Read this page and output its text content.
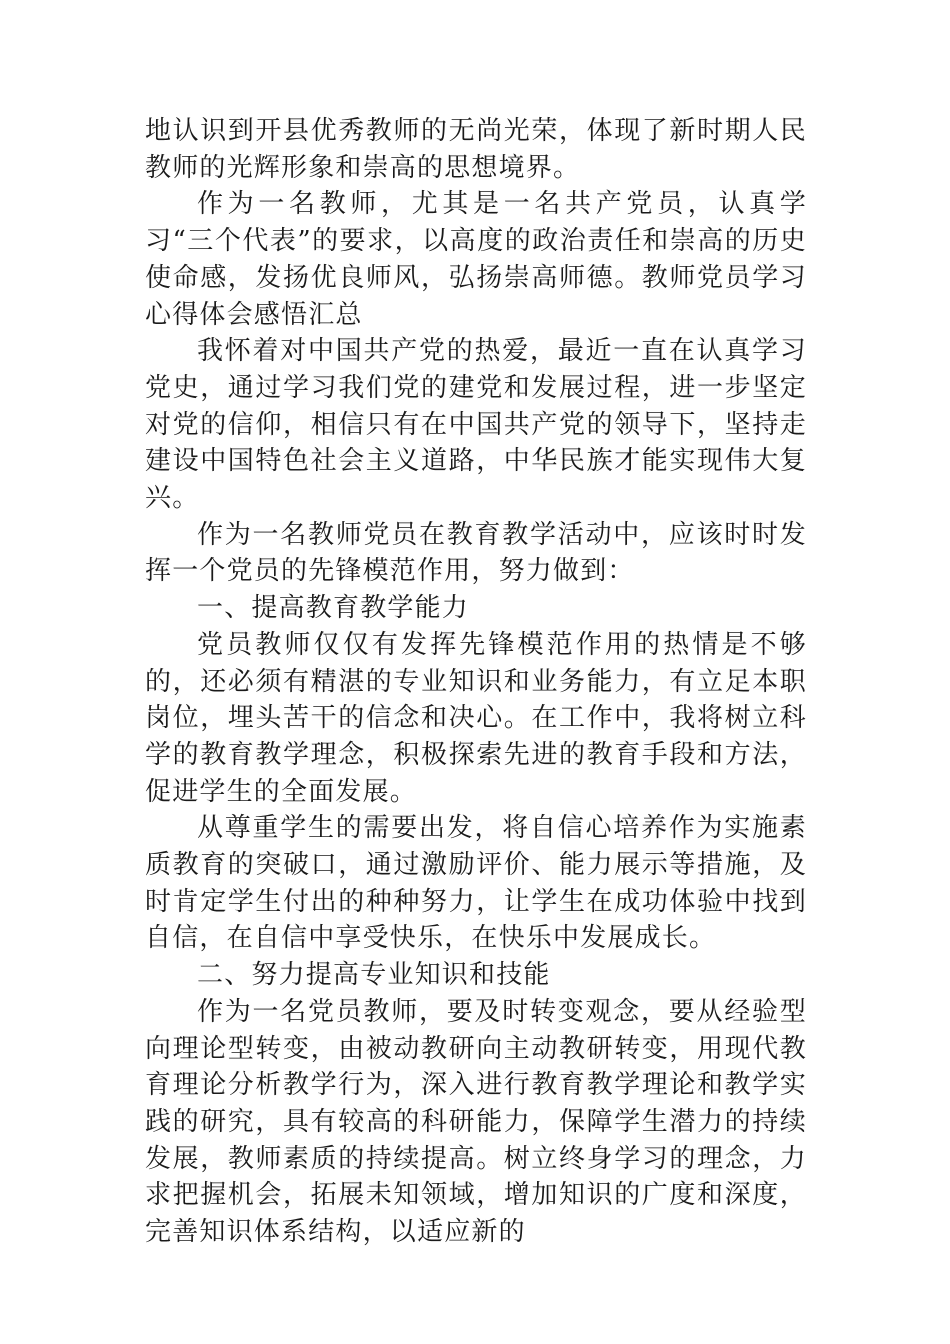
地认识到开县优秀教师的无尚光荣，体现了新时期人民教师的光辉形象和崇高的思想境界。

作为一名教师，尤其是一名共产党员，认真学习“三个代表”的要求，以高度的政治责任和崇高的历史使命感，发扬优良师风，弘扬崇高师德。教师党员学习心得体会感悟汇总

我怀着对中国共产党的热爱，最近一直在认真学习党史，通过学习我们党的建党和发展过程，进一步坚定对党的信仰，相信只有在中国共产党的领导下，坚持走建设中国特色社会主义道路，中华民族才能实现伟大复兴。

作为一名教师党员在教育教学活动中，应该时时发挥一个党员的先锋模范作用，努力做到：

一、提高教育教学能力

党员教师仅仅有发挥先锋模范作用的热情是不够的，还必须有精湛的专业知识和业务能力，有立足本职岗位，埋头苦干的信念和决心。在工作中，我将树立科学的教育教学理念，积极探索先进的教育手段和方法，促进学生的全面发展。

从尊重学生的需要出发，将自信心培养作为实施素质教育的突破口，通过激励评价、能力展示等措施，及时肯定学生付出的种种努力，让学生在成功体验中找到自信，在自信中享受快乐，在快乐中发展成长。

二、努力提高专业知识和技能

作为一名党员教师，要及时转变观念，要从经验型向理论型转变，由被动教研向主动教研转变，用现代教育理论分析教学行为，深入进行教育教学理论和教学实践的研究，具有较高的科研能力，保障学生潜力的持续发展，教师素质的持续提高。树立终身学习的理念，力求把握机会，拓展未知领域，增加知识的广度和深度，完善知识体系结构，以适应新的
